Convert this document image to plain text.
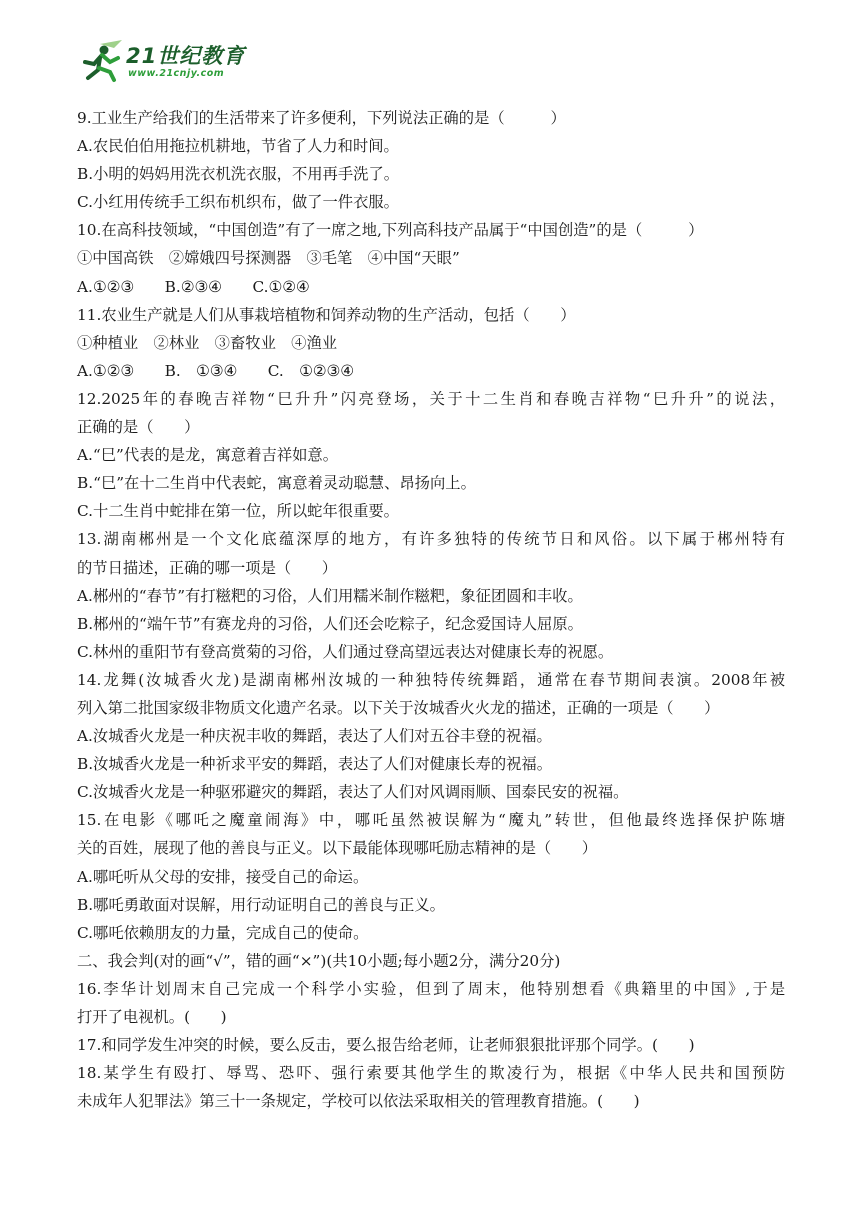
21世纪教育
www.21cnjy.com
9.工业生产给我们的生活带来了许多便利，下列说法正确的是（　　　）
A.农民伯伯用拖拉机耕地，节省了人力和时间。
B.小明的妈妈用洗衣机洗衣服，不用再手洗了。
C.小红用传统手工织布机织布，做了一件衣服。
10.在高科技领域，“中国创造”有了一席之地,下列高科技产品属于“中国创造”的是（　　　）
①中国高铁　②嫦娥四号探测器　③毛笔　④中国“天眼”
A.①②③　　B.②③④　　C.①②④
11.农业生产就是人们从事栽培植物和饲养动物的生产活动，包括（　　）
①种植业　②林业　③畜牧业　④渔业
A.①②③　　B.　①③④　　C.　①②③④
12.2025年的春晚吉祥物“巳升升”闪亮登场，关于十二生肖和春晚吉祥物“巳升升”的说法，
正确的是（　　）
A.“巳”代表的是龙，寓意着吉祥如意。
B.“巳”在十二生肖中代表蛇，寓意着灵动聪慧、昂扬向上。
C.十二生肖中蛇排在第一位，所以蛇年很重要。
13.湖南郴州是一个文化底蕴深厚的地方，有许多独特的传统节日和风俗。以下属于郴州特有
的节日描述，正确的哪一项是（　　）
A.郴州的“春节”有打糍粑的习俗，人们用糯米制作糍粑，象征团圆和丰收。
B.郴州的“端午节”有赛龙舟的习俗，人们还会吃粽子，纪念爱国诗人屈原。
C.林州的重阳节有登高赏菊的习俗，人们通过登高望远表达对健康长寿的祝愿。
14.龙舞(汝城香火龙)是湖南郴州汝城的一种独特传统舞蹈，通常在春节期间表演。2008年被
列入第二批国家级非物质文化遗产名录。以下关于汝城香火火龙的描述，正确的一项是（　　）
A.汝城香火龙是一种庆祝丰收的舞蹈，表达了人们对五谷丰登的祝福。
B.汝城香火龙是一种祈求平安的舞蹈，表达了人们对健康长寿的祝福。
C.汝城香火龙是一种驱邪避灾的舞蹈，表达了人们对风调雨顺、国泰民安的祝福。
15.在电影《哪吒之魔童闹海》中，哪吒虽然被误解为“魔丸”转世，但他最终选择保护陈塘
关的百姓，展现了他的善良与正义。以下最能体现哪吒励志精神的是（　　）
A.哪吒听从父母的安排，接受自己的命运。
B.哪吒勇敢面对误解，用行动证明自己的善良与正义。
C.哪吒依赖朋友的力量，完成自己的使命。
二、我会判(对的画“√”，错的画“×”)(共10小题;每小题2分，满分20分)
16.李华计划周末自己完成一个科学小实验，但到了周末，他特别想看《典籍里的中国》,于是
打开了电视机。(　　)
17.和同学发生冲突的时候，要么反击，要么报告给老师，让老师狠狠批评那个同学。(　　)
18.某学生有殴打、辱骂、恐吓、强行索要其他学生的欺凌行为，根据《中华人民共和国预防
未成年人犯罪法》第三十一条规定，学校可以依法采取相关的管理教育措施。(　　)
